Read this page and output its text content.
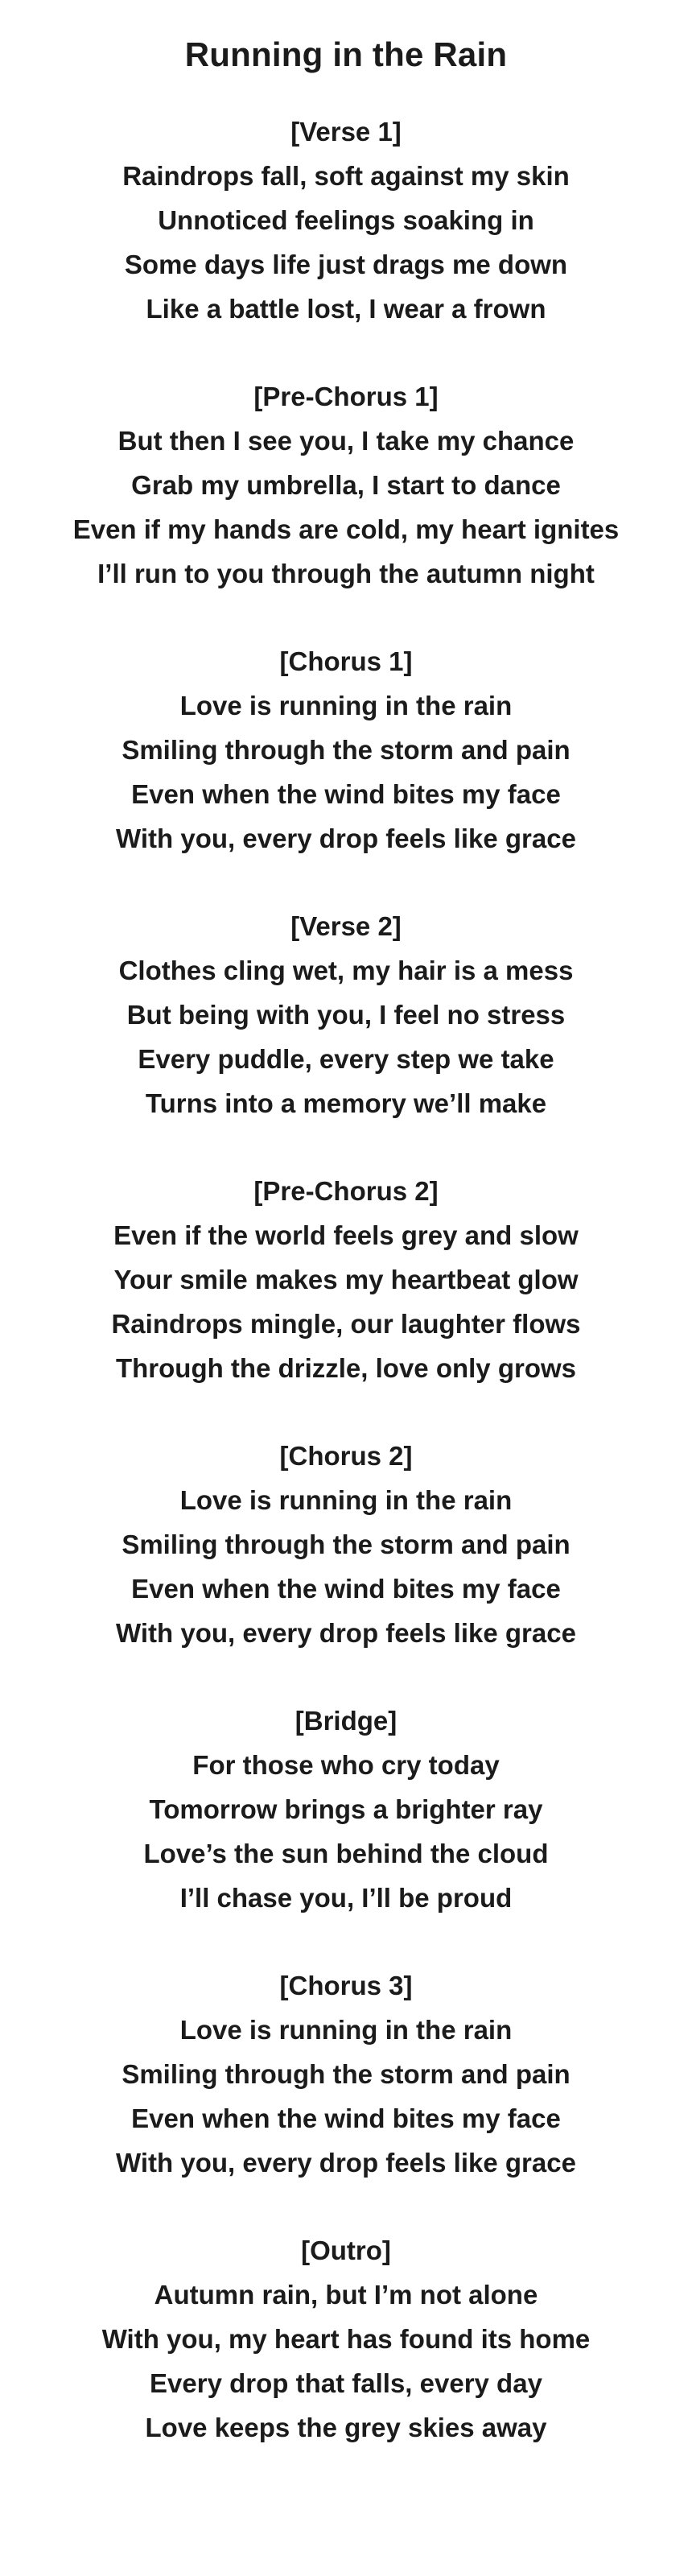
Running in the Rain

[Verse 1]

Raindrops fall, soft against my skin

Unnoticed feelings soaking in

Some days life just drags me down

Like a battle lost, I wear a frown

[Pre-Chorus 1]

But then I see you, I take my chance

Grab my umbrella, I start to dance

Even if my hands are cold, my heart ignites

I’ll run to you through the autumn night

[Chorus 1]

Love is running in the rain

Smiling through the storm and pain

Even when the wind bites my face

With you, every drop feels like grace

[Verse 2]

Clothes cling wet, my hair is a mess

But being with you, I feel no stress

Every puddle, every step we take

Turns into a memory we’ll make

[Pre-Chorus 2]

Even if the world feels grey and slow

Your smile makes my heartbeat glow

Raindrops mingle, our laughter flows

Through the drizzle, love only grows

[Chorus 2]

Love is running in the rain

Smiling through the storm and pain

Even when the wind bites my face

With you, every drop feels like grace

[Bridge]

For those who cry today

Tomorrow brings a brighter ray

Love’s the sun behind the cloud

I’ll chase you, I’ll be proud

[Chorus 3]

Love is running in the rain

Smiling through the storm and pain

Even when the wind bites my face

With you, every drop feels like grace

[Outro]

Autumn rain, but I’m not alone

With you, my heart has found its home

Every drop that falls, every day

Love keeps the grey skies away
